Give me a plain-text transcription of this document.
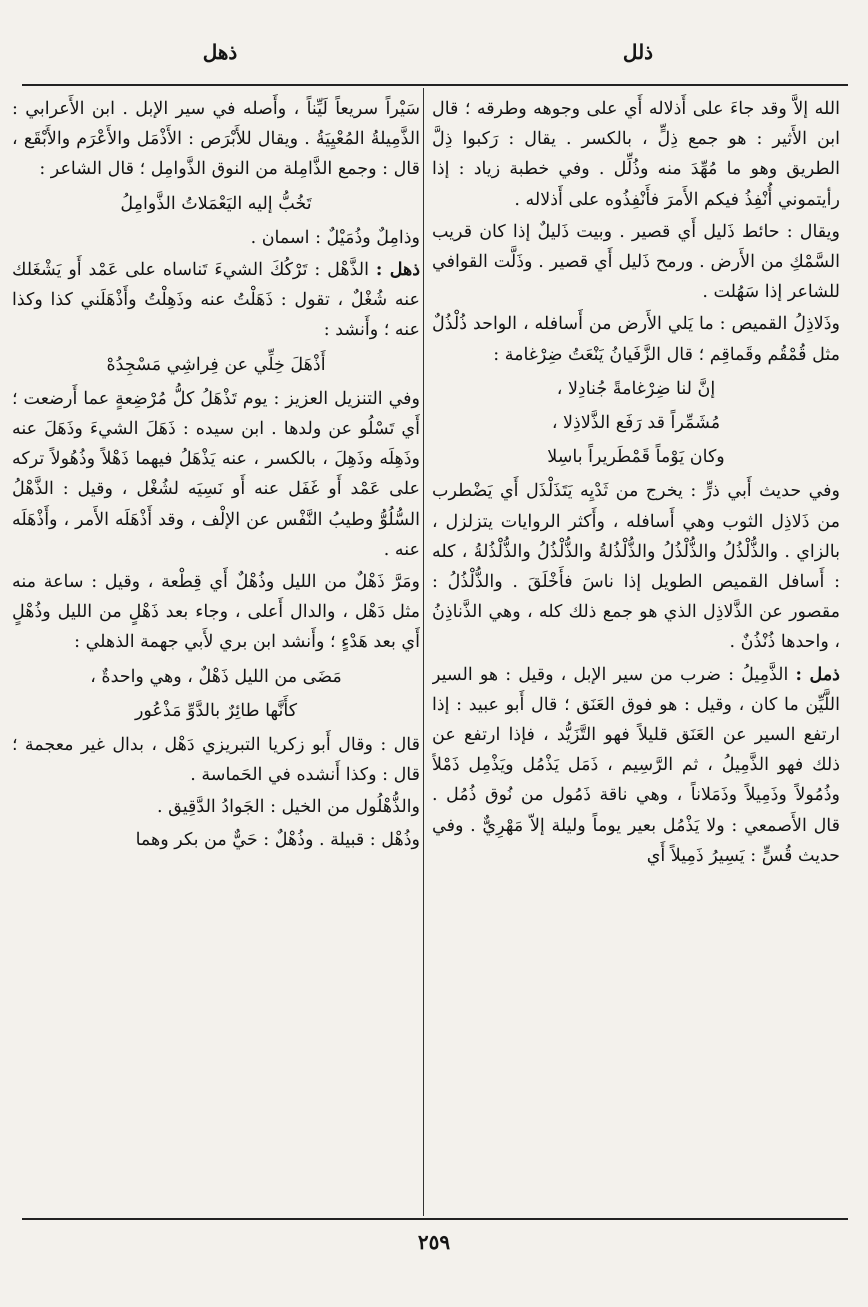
ذلل
ذهل

الله إلاَّ وقد جاءَ على أَذلاله أَي على وجوهه وطرقه ؛ قال ابن الأَثير : هو جمع ذِلٍّ ، بالكسر . يقال : رَكبوا ذِلَّ الطريق وهو ما مُهِّدَ منه وذُلِّل . وفي خطبة زياد : إذا رأيتموني أُنْفِذُ فيكم الأَمرَ فأَنْفِذُوه على أَذلاله .

ويقال : حائط ذَليل أَي قصير . وبيت ذَليلٌ إذا كان قريب السَّمْكِ من الأَرض . ورمح ذَليل أَي قصير . وذَلَّت القوافي للشاعر إذا سَهُلت .

وذَلاذِلُ القميص : ما يَلي الأَرض من أَسافله ، الواحد ذُلْذُلٌ مثل قُمْقُم وقَماقِم ؛ قال الزَّفَيانُ يَنْعَتُ ضِرْغامة :

إنَّ لنا ضِرْغامةً جُنادِلا ،

مُشَمِّراً قد رَفَع الذَّلاذِلا ،

وكان يَوْماً قَمْطَريراً باسِلا

وفي حديث أَبي ذرٍّ : يخرج من ثَدْيِه يَتَذَلْذَل أَي يَضْطرب من ذَلاذِل الثوب وهي أَسافله ، وأَكثر الروايات يتزلزل ، بالزاي . والذُّلْذُلُ والذُّلْذُلُ والذُّلْذُلةُ والذُّلْذُلُ والذُّلْذُلةُ ، كله : أَسافل القميص الطويل إذا ناسَ فأَخْلَقَ . والذُّلْذُلُ : مقصور عن الذَّلاذِل الذي هو جمع ذلك كله ، وهي الذَّناذِنُ ، واحدها ذُنْذُنٌ .

ذمل : الذَّمِيلُ : ضرب من سير الإبل ، وقيل : هو السير اللَّيِّن ما كان ، وقيل : هو فوق العَنَق ؛ قال أَبو عبيد : إذا ارتفع السير عن العَنَق قليلاً فهو التَّزَيُّد ، فإذا ارتفع عن ذلك فهو الذَّمِيلُ ، ثم الرَّسِيم ، ذَمَل يَذْمُل ويَذْمِل ذَمْلاً وذُمُولاً وذَمِيلاً وذَمَلاناً ، وهي ناقة ذَمُول من نُوق ذُمُل . قال الأَصمعي : ولا يَذْمُل بعير يوماً وليلة إلاّ مَهْرِيٌّ . وفي حديث قُسٍّ : يَسِيرُ ذَمِيلاً أَي

سَيْراً سريعاً لَيِّناً ، وأَصله في سير الإبل . ابن الأَعرابي : الذَّمِيلةُ المُعْيِيَةُ . ويقال للأَبْرَص : الأَذْمَل والأَعْرَم والأَبْقَع ، قال : وجمع الذَّامِلة من النوق الذَّوامِل ؛ قال الشاعر :

تَخُبُّ إليه اليَعْمَلاتُ الذَّوامِلُ

وذامِلٌ وذُمَيْلٌ : اسمان .

ذهل : الذَّهْل : تَرْكُكَ الشيءَ تَناساه على عَمْد أَو يَشْغَلك عنه شُغْلٌ ، تقول : ذَهَلْتُ عنه وذَهِلْتُ وأَذْهَلَني كذا وكذا عنه ؛ وأَنشد :

أَذْهَلَ خِلِّي عن فِراشِي مَسْجِدُهْ

وفي التنزيل العزيز : يوم تَذْهَلُ كلُّ مُرْضِعةٍ عما أَرضعت ؛ أَي تَسْلُو عن ولدها . ابن سيده : ذَهَلَ الشيءَ وذَهَلَ عنه وذَهِلَه وذَهِلَ ، بالكسر ، عنه يَذْهَلُ فيهما ذَهْلاً وذُهُولاً تركه على عَمْد أَو غَفَل عنه أَو نَسِيَه لشُغْل ، وقيل : الذَّهْلُ السُّلُوُّ وطيبُ النَّفْس عن الإلْف ، وقد أَذْهَلَه الأَمر ، وأَذْهَلَه عنه .

ومَرَّ ذَهْلٌ من الليل وذُهْلٌ أَي قِطْعة ، وقيل : ساعة منه مثل دَهْل ، والدال أَعلى ، وجاء بعد ذَهْلٍ من الليل وذُهْلٍ أَي بعد هَدْءٍ ؛ وأَنشد ابن بري لأَبي جهمة الذهلي :

مَضَى من الليل ذَهْلٌ ، وهي واحدةٌ ،

كأَنَّها طائِرٌ بالدَّوِّ مَذْعُور

قال : وقال أَبو زكريا التبريزي دَهْل ، بدال غير معجمة ؛ قال : وكذا أَنشده في الحَماسة .

والذُّهْلُول من الخيل : الجَوادُ الدَّقِيق .

وذُهْل : قبيلة . وذُهْلٌ : حَيٌّ من بكر وهما

٢٥٩
